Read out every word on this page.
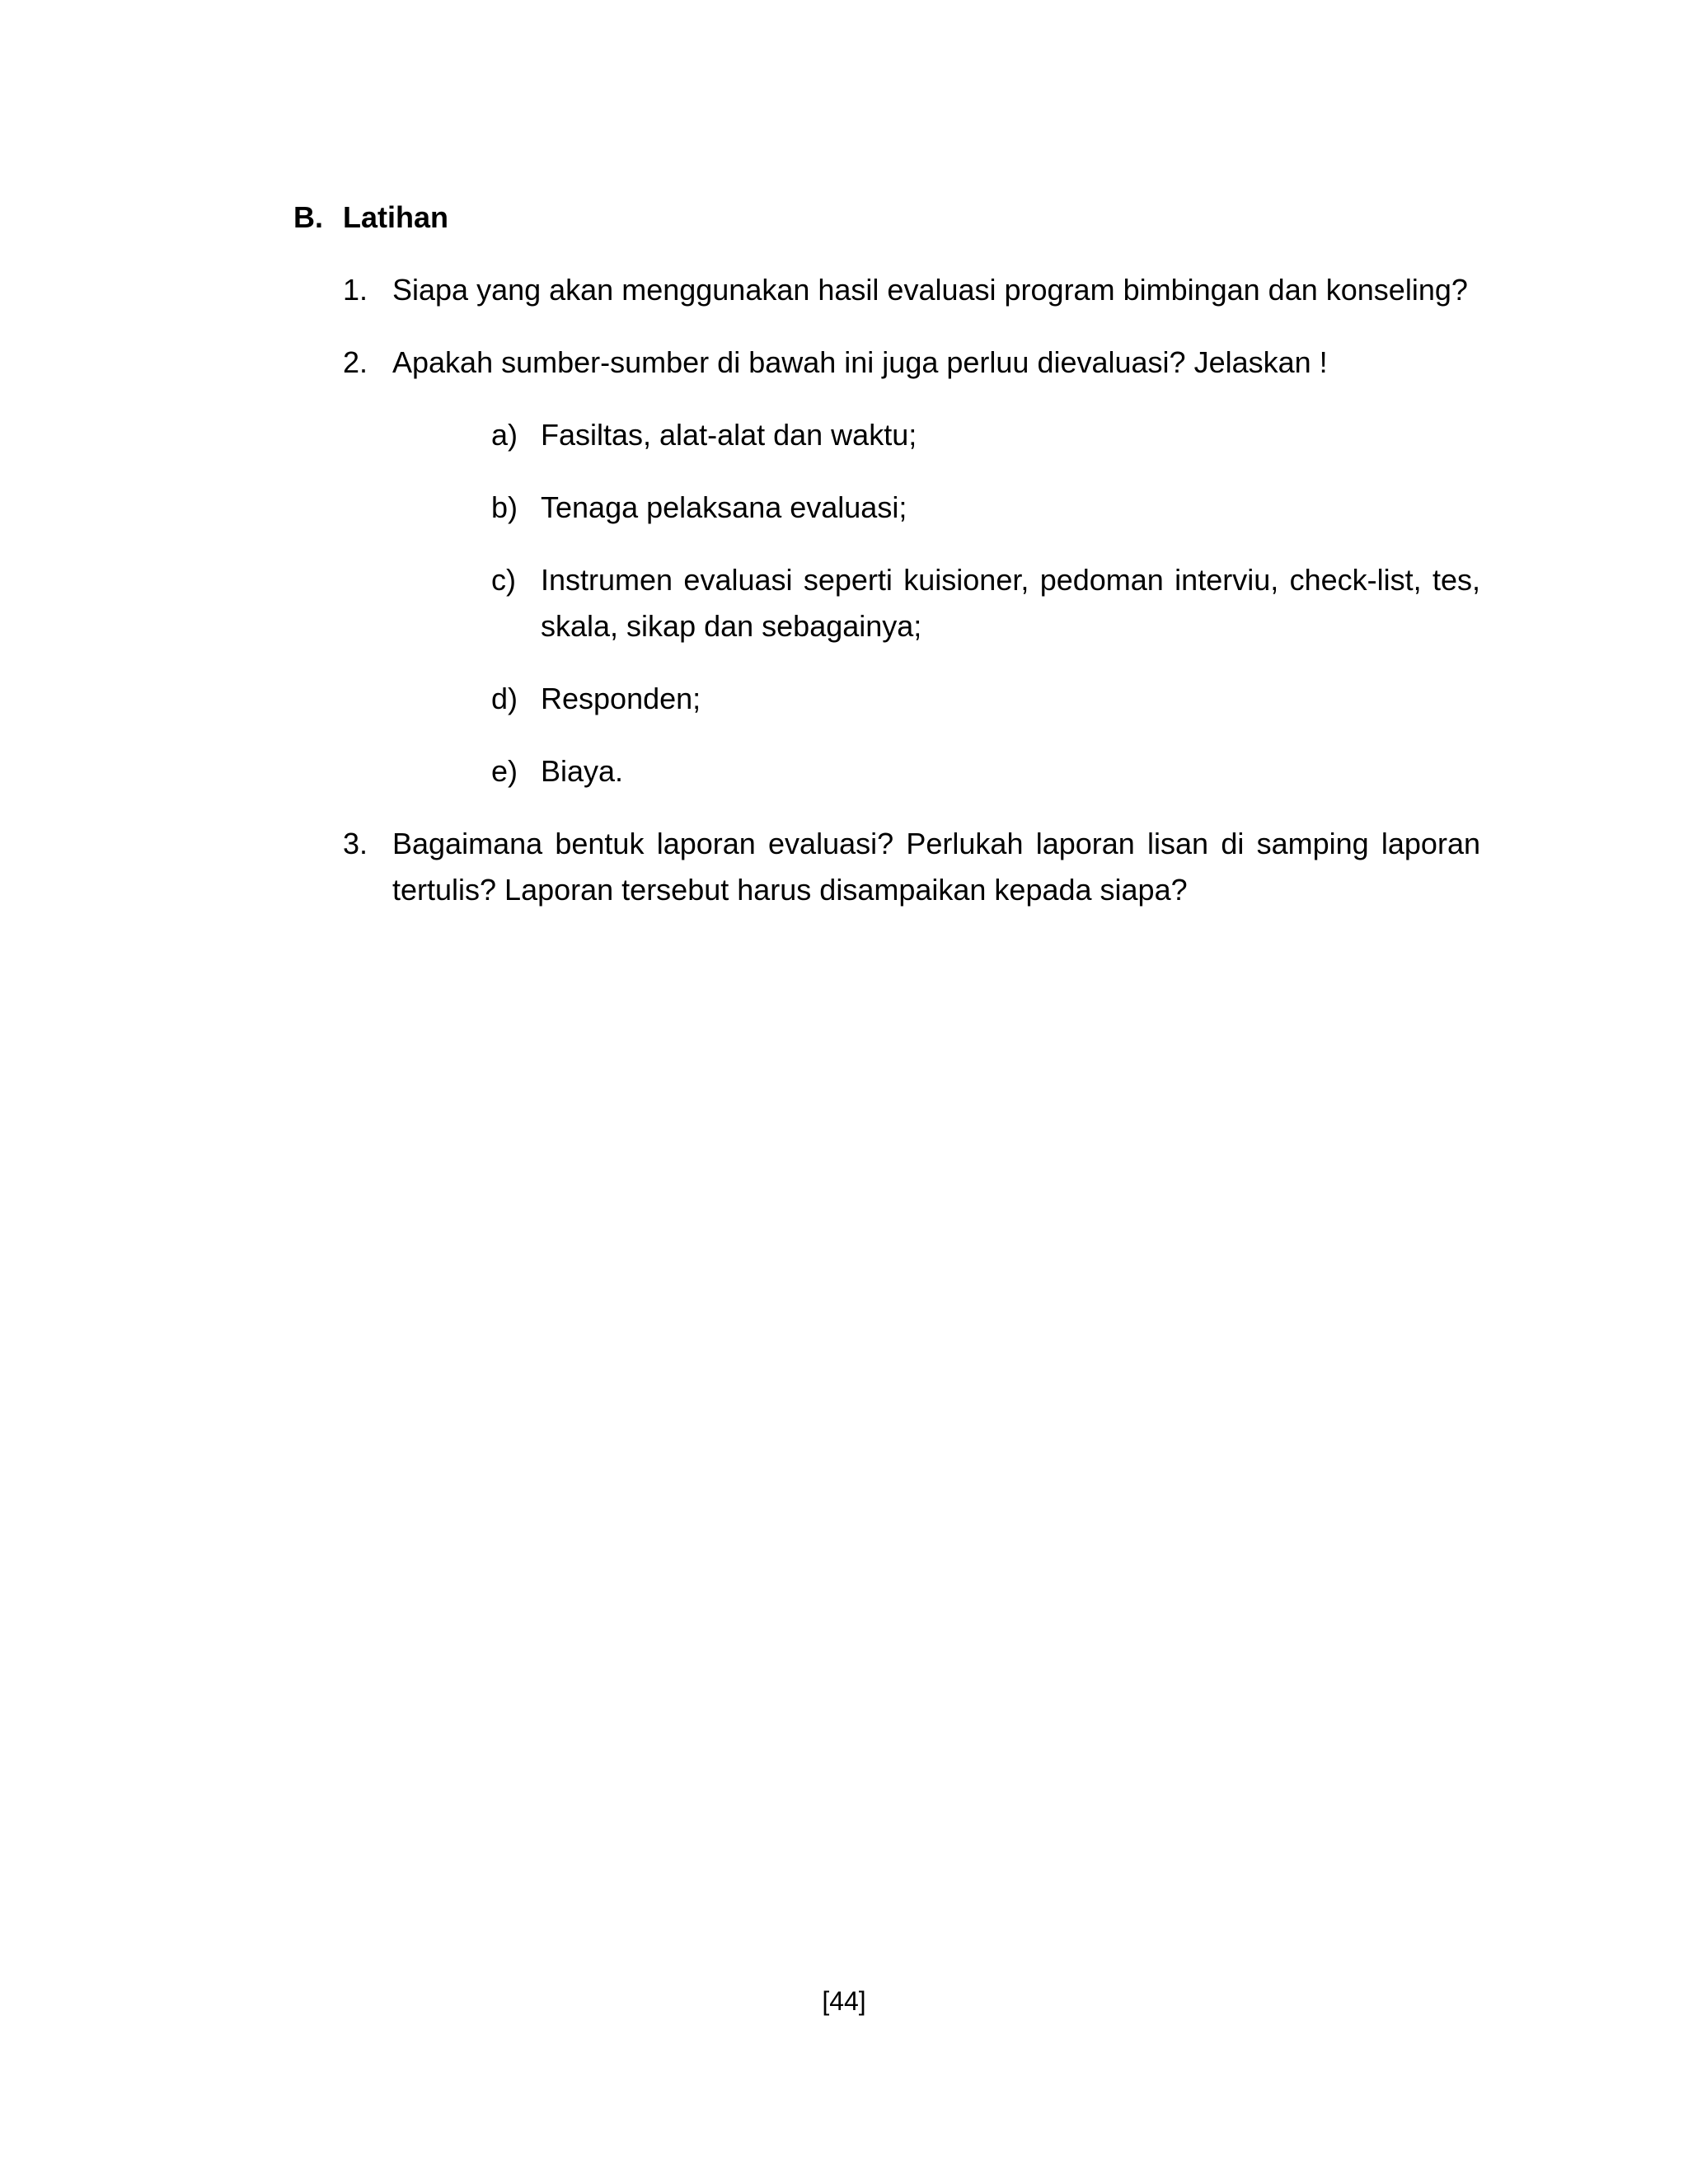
B. Latihan
1. Siapa yang akan menggunakan hasil evaluasi program bimbingan dan konseling?
2. Apakah sumber-sumber di bawah ini juga perluu dievaluasi? Jelaskan !
a) Fasiltas, alat-alat dan waktu;
b) Tenaga pelaksana evaluasi;
c) Instrumen evaluasi seperti kuisioner, pedoman interviu, check-list, tes, skala, sikap dan sebagainya;
d) Responden;
e) Biaya.
3. Bagaimana bentuk laporan evaluasi? Perlukah laporan lisan di samping laporan tertulis? Laporan tersebut harus disampaikan kepada siapa?
[44]
